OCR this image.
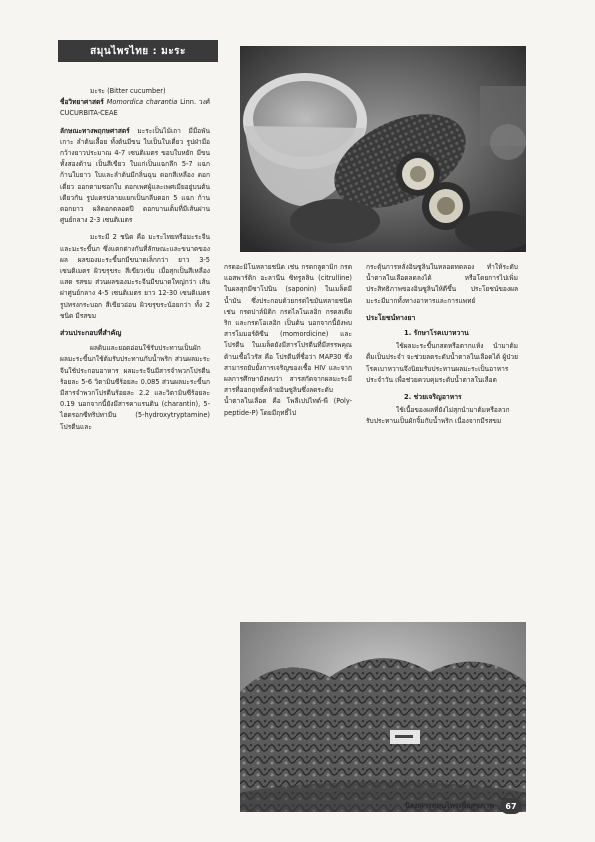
สมุนไพรไทย : มะระ

มะระ (Bitter cucumber)

ชื่อวิทยาศาสตร์ Momordica charantia Linn. วงศ์ CUCURBITA-CEAE

ลักษณะทางพฤกษศาสตร์ มะระเป็นไม้เถา มีมือพันเกาะ ลำต้นเลื้อย ทั้งต้นมีขน ใบเป็นใบเดี่ยว รูปฝ่ามือ กว้างยาวประมาณ 4-7 เซนติเมตร ขอบใบหยัก มีขนทั้งสองด้าน เป็นสีเขียว ใบแก่เป็นแฉกลึก 5-7 แฉก ก้านใบยาว ใบและลำต้นมีกลิ่นฉุน ดอกสีเหลือง ดอกเดี่ยว ออกตามซอกใบ ดอกเพศผู้และเพศเมียอยู่บนต้นเดียวกัน รูปแตรปลายแยกเป็นกลีบดอก 5 แฉก ก้านดอกยาว ผลิดอกตลอดปี ดอกบานเต็มที่มีเส้นผ่านศูนย์กลาง 2-3 เซนติเมตร

มะระมี 2 ชนิด คือ มะระไทยหรือมะระจีน และมะระขี้นก ซึ่งแตกต่างกันที่ลักษณะและขนาดของผล ผลของมะระขี้นกมีขนาดเล็กกว่า ยาว 3-5 เซนติเมตร ผิวขรุขระ สีเขียวเข้ม เมื่อสุกเป็นสีเหลืองแสด รสขม ส่วนผลของมะระจีนมีขนาดใหญ่กว่า เส้นผ่าศูนย์กลาง 4-5 เซนติเมตร ยาว 12-30 เซนติเมตร รูปทรงกระบอก สีเขียวอ่อน ผิวขรุขระน้อยกว่า ทั้ง 2 ชนิด มีรสขม

ส่วนประกอบที่สำคัญ

ผลดิบและยอดอ่อนใช้รับประทานเป็นผัก ผลมะระขี้นกใช้ต้มรับประทานกับน้ำพริก ส่วนผลมะระจีนใช้ประกอบอาหาร ผลมะระจีนมีสารจำพวกโปรตีนร้อยละ 5-6 วิตามินซีร้อยละ 0.085 ส่วนผลมะระขี้นกมีสารจำพวกโปรตีนร้อยละ 2.2 และวิตามินซีร้อยละ 0.19 นอกจากนี้ยังมีสารคาแรนติน (charantin), 5-ไฮดรอกซีทริปทามีน (5-hydroxytryptamine) โปรตีนและ

กรดอะมิโนหลายชนิด เช่น กรดกลูตามิก กรดแอสพาร์ติก อะลานีน ซิทรูลลิน (citrulline) ในผลสุกมีซาโปนิน (saponin) ในเมล็ดมีน้ำมัน ซึ่งประกอบด้วยกรดไขมันหลายชนิด เช่น กรดปาล์มิติก กรดไลโนเลอิก กรดสเตียริก และกรดโอเลอิก เป็นต้น นอกจากนี้ยังพบสารโมมอร์ดิซีน (momordicine) และโปรตีน ในเมล็ดยังมีสารโปรตีนที่มีสรรพคุณต้านเชื้อไวรัส คือ โปรตีนที่ชื่อว่า MAP30 ซึ่งสามารถยับยั้งการเจริญของเชื้อ HIV และจากผลการศึกษายังพบว่า สารสกัดจากผลมะระมีสารที่ออกฤทธิ์คล้ายอินซูลินซึ่งลดระดับน้ำตาลในเลือด คือ โพลีเปปไทด์-พี (Poly-peptide-P) โดยมีฤทธิ์ไป

กระตุ้นการหลั่งอินซูลินในหลอดทดลอง ทำให้ระดับน้ำตาลในเลือดลดลงได้ หรือโดยการไปเพิ่มประสิทธิภาพของอินซูลินให้ดีขึ้น ประโยชน์ของผลมะระมีมากทั้งทางอาหารและการแพทย์

ประโยชน์ทางยา
1. รักษาโรคเบาหวาน

ใช้ผลมะระขี้นกสดหรือตากแห้ง นำมาต้มดื่มเป็นประจำ จะช่วยลดระดับน้ำตาลในเลือดได้ ผู้ป่วยโรคเบาหวานจึงนิยมรับประทานผลมะระเป็นอาหารประจำวัน เพื่อช่วยควบคุมระดับน้ำตาลในเลือด

2. ช่วยเจริญอาหาร

ใช้เนื้อของผลที่ยังไม่สุกนำมาต้มหรือลวก รับประทานเป็นผักจิ้มกับน้ำพริก เนื่องจากมีรสขม

นิตยสารสมุนไพรเพื่อสุขภาพ	67
